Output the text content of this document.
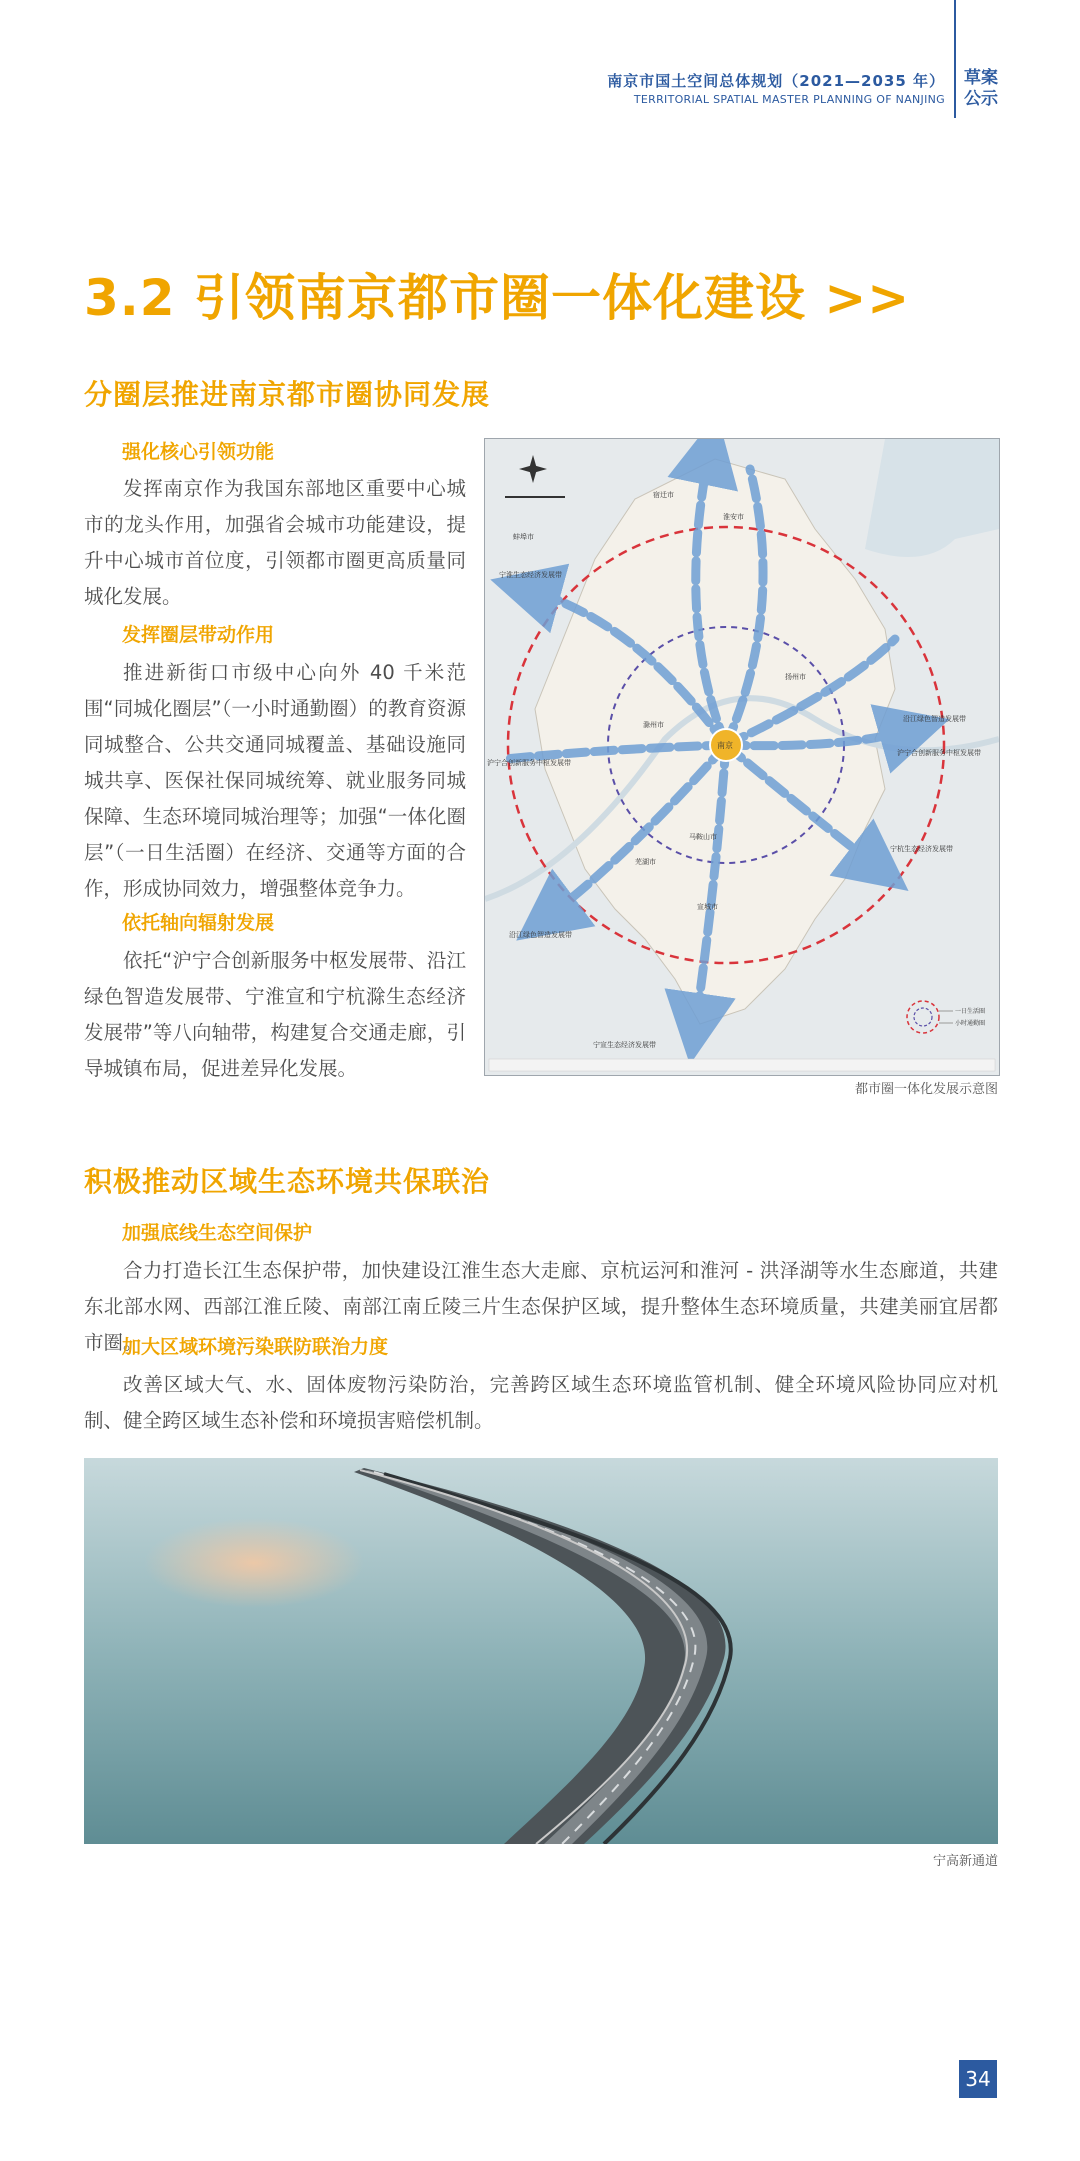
南京市国土空间总体规划（2021—2035 年）
TERRITORIAL SPATIAL MASTER PLANNING OF NANJING
草案
公示
3.2 引领南京都市圈一体化建设 >>
分圈层推进南京都市圈协同发展
强化核心引领功能

发挥南京作为我国东部地区重要中心城市的龙头作用，加强省会城市功能建设，提升中心城市首位度，引领都市圈更高质量同城化发展。

发挥圈层带动作用

推进新街口市级中心向外 40 千米范围“同城化圈层”（一小时通勤圈）的教育资源同城整合、公共交通同城覆盖、基础设施同城共享、医保社保同城统筹、就业服务同城保障、生态环境同城治理等；加强“一体化圈层”（一日生活圈）在经济、交通等方面的合作，形成协同效力，增强整体竞争力。

依托轴向辐射发展

依托“沪宁合创新服务中枢发展带、沿江绿色智造发展带、宁淮宣和宁杭滁生态经济发展带”等八向轴带，构建复合交通走廊，引导城镇布局，促进差异化发展。

宿迁市
蚌埠市
淮安市
宁淮生态经济发展带
沿江绿色智造发展带
沪宁合创新服务中枢发展带
沪宁合创新服务中枢发展带
宁杭生态经济发展带
沿江绿色智造发展带
宁宣生态经济发展带
滁州市
南京
马鞍山市
宣城市
芜湖市
扬州市
一日生活圈
小时通勤圈
都市圈一体化发展示意图
积极推动区域生态环境共保联治
加强底线生态空间保护

合力打造长江生态保护带，加快建设江淮生态大走廊、京杭运河和淮河 - 洪泽湖等水生态廊道，共建东北部水网、西部江淮丘陵、南部江南丘陵三片生态保护区域，提升整体生态环境质量，共建美丽宜居都市圈。

加大区域环境污染联防联治力度

改善区域大气、水、固体废物污染防治，完善跨区域生态环境监管机制、健全环境风险协同应对机制、健全跨区域生态补偿和环境损害赔偿机制。

宁高新通道
34
